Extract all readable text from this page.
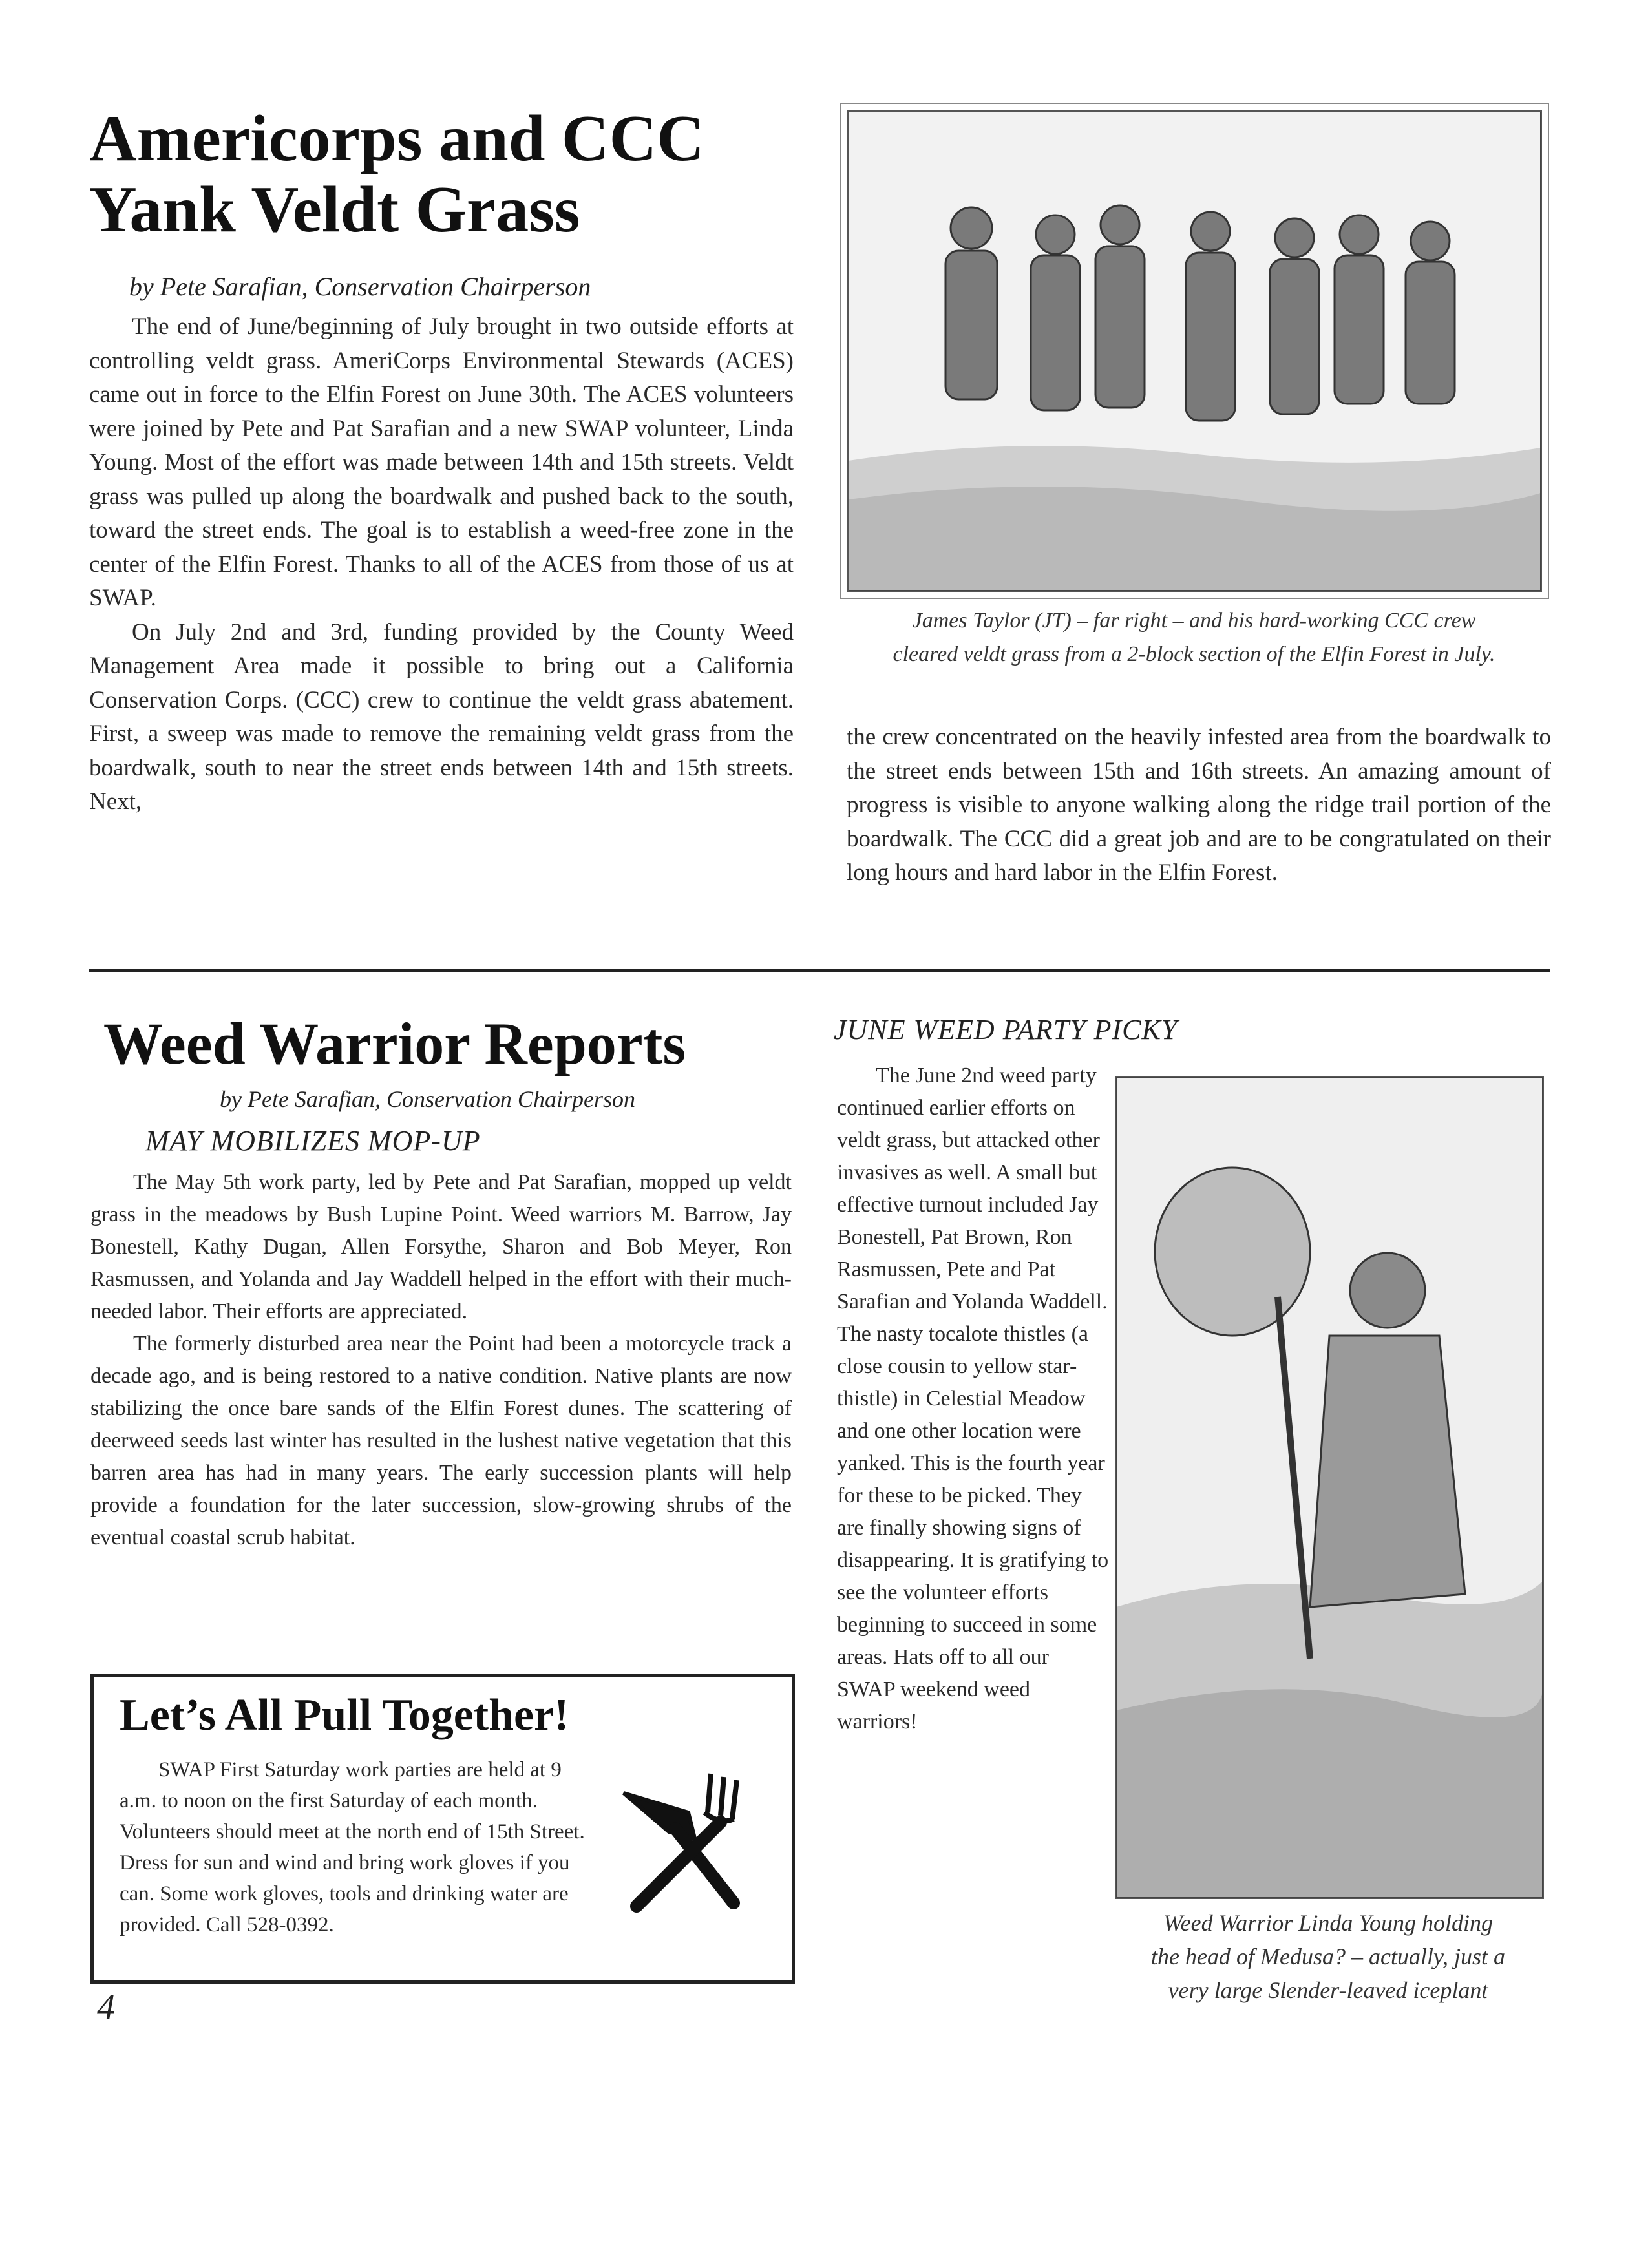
Americorps and CCC
Yank Veldt Grass
by Pete Sarafian, Conservation Chairperson

The end of June/beginning of July brought in two outside efforts at controlling veldt grass. AmeriCorps Environmental Stewards (ACES) came out in force to the Elfin Forest on June 30th. The ACES volunteers were joined by Pete and Pat Sarafian and a new SWAP volunteer, Linda Young. Most of the effort was made between 14th and 15th streets. Veldt grass was pulled up along the boardwalk and pushed back to the south, toward the street ends. The goal is to establish a weed-free zone in the center of the Elfin Forest. Thanks to all of the ACES from those of us at SWAP.

On July 2nd and 3rd, funding provided by the County Weed Management Area made it possible to bring out a California Conservation Corps. (CCC) crew to continue the veldt grass abatement. First, a sweep was made to remove the remaining veldt grass from the boardwalk, south to near the street ends between 14th and 15th streets. Next,

James Taylor (JT) – far right – and his hard-working CCC crew
cleared veldt grass from a 2-block section of the Elfin Forest in July.

the crew concentrated on the heavily infested area from the boardwalk to the street ends between 15th and 16th streets. An amazing amount of progress is visible to anyone walking along the ridge trail portion of the boardwalk. The CCC did a great job and are to be congratulated on their long hours and hard labor in the Elfin Forest.

Weed Warrior Reports
by Pete Sarafian, Conservation Chairperson
MAY MOBILIZES MOP-UP

The May 5th work party, led by Pete and Pat Sarafian, mopped up veldt grass in the meadows by Bush Lupine Point. Weed warriors M. Barrow, Jay Bonestell, Kathy Dugan, Allen Forsythe, Sharon and Bob Meyer, Ron Rasmussen, and Yolanda and Jay Waddell helped in the effort with their much-needed labor. Their efforts are appreciated.

The formerly disturbed area near the Point had been a motorcycle track a decade ago, and is being restored to a native condition. Native plants are now stabilizing the once bare sands of the Elfin Forest dunes. The scattering of deerweed seeds last winter has resulted in the lushest native vegetation that this barren area has had in many years. The early succession plants will help provide a foundation for the later succession, slow-growing shrubs of the eventual coastal scrub habitat.

Let’s All Pull Together!
SWAP First Saturday work parties are held at 9 a.m. to noon on the first Saturday of each month. Volunteers should meet at the north end of 15th Street. Dress for sun and wind and bring work gloves if you can. Some work gloves, tools and drinking water are provided. Call 528-0392.
4
JUNE WEED PARTY PICKY
The June 2nd weed party continued earlier efforts on veldt grass, but attacked other invasives as well. A small but effective turnout included Jay Bonestell, Pat Brown, Ron Rasmussen, Pete and Pat Sarafian and Yolanda Waddell. The nasty tocalote thistles (a close cousin to yellow star-thistle) in Celestial Meadow and one other location were yanked. This is the fourth year for these to be picked. They are finally showing signs of disappearing. It is gratifying to see the volunteer efforts beginning to succeed in some areas. Hats off to all our SWAP weekend weed warriors!
Weed Warrior Linda Young holding
the head of Medusa? – actually, just a
very large Slender-leaved iceplant
